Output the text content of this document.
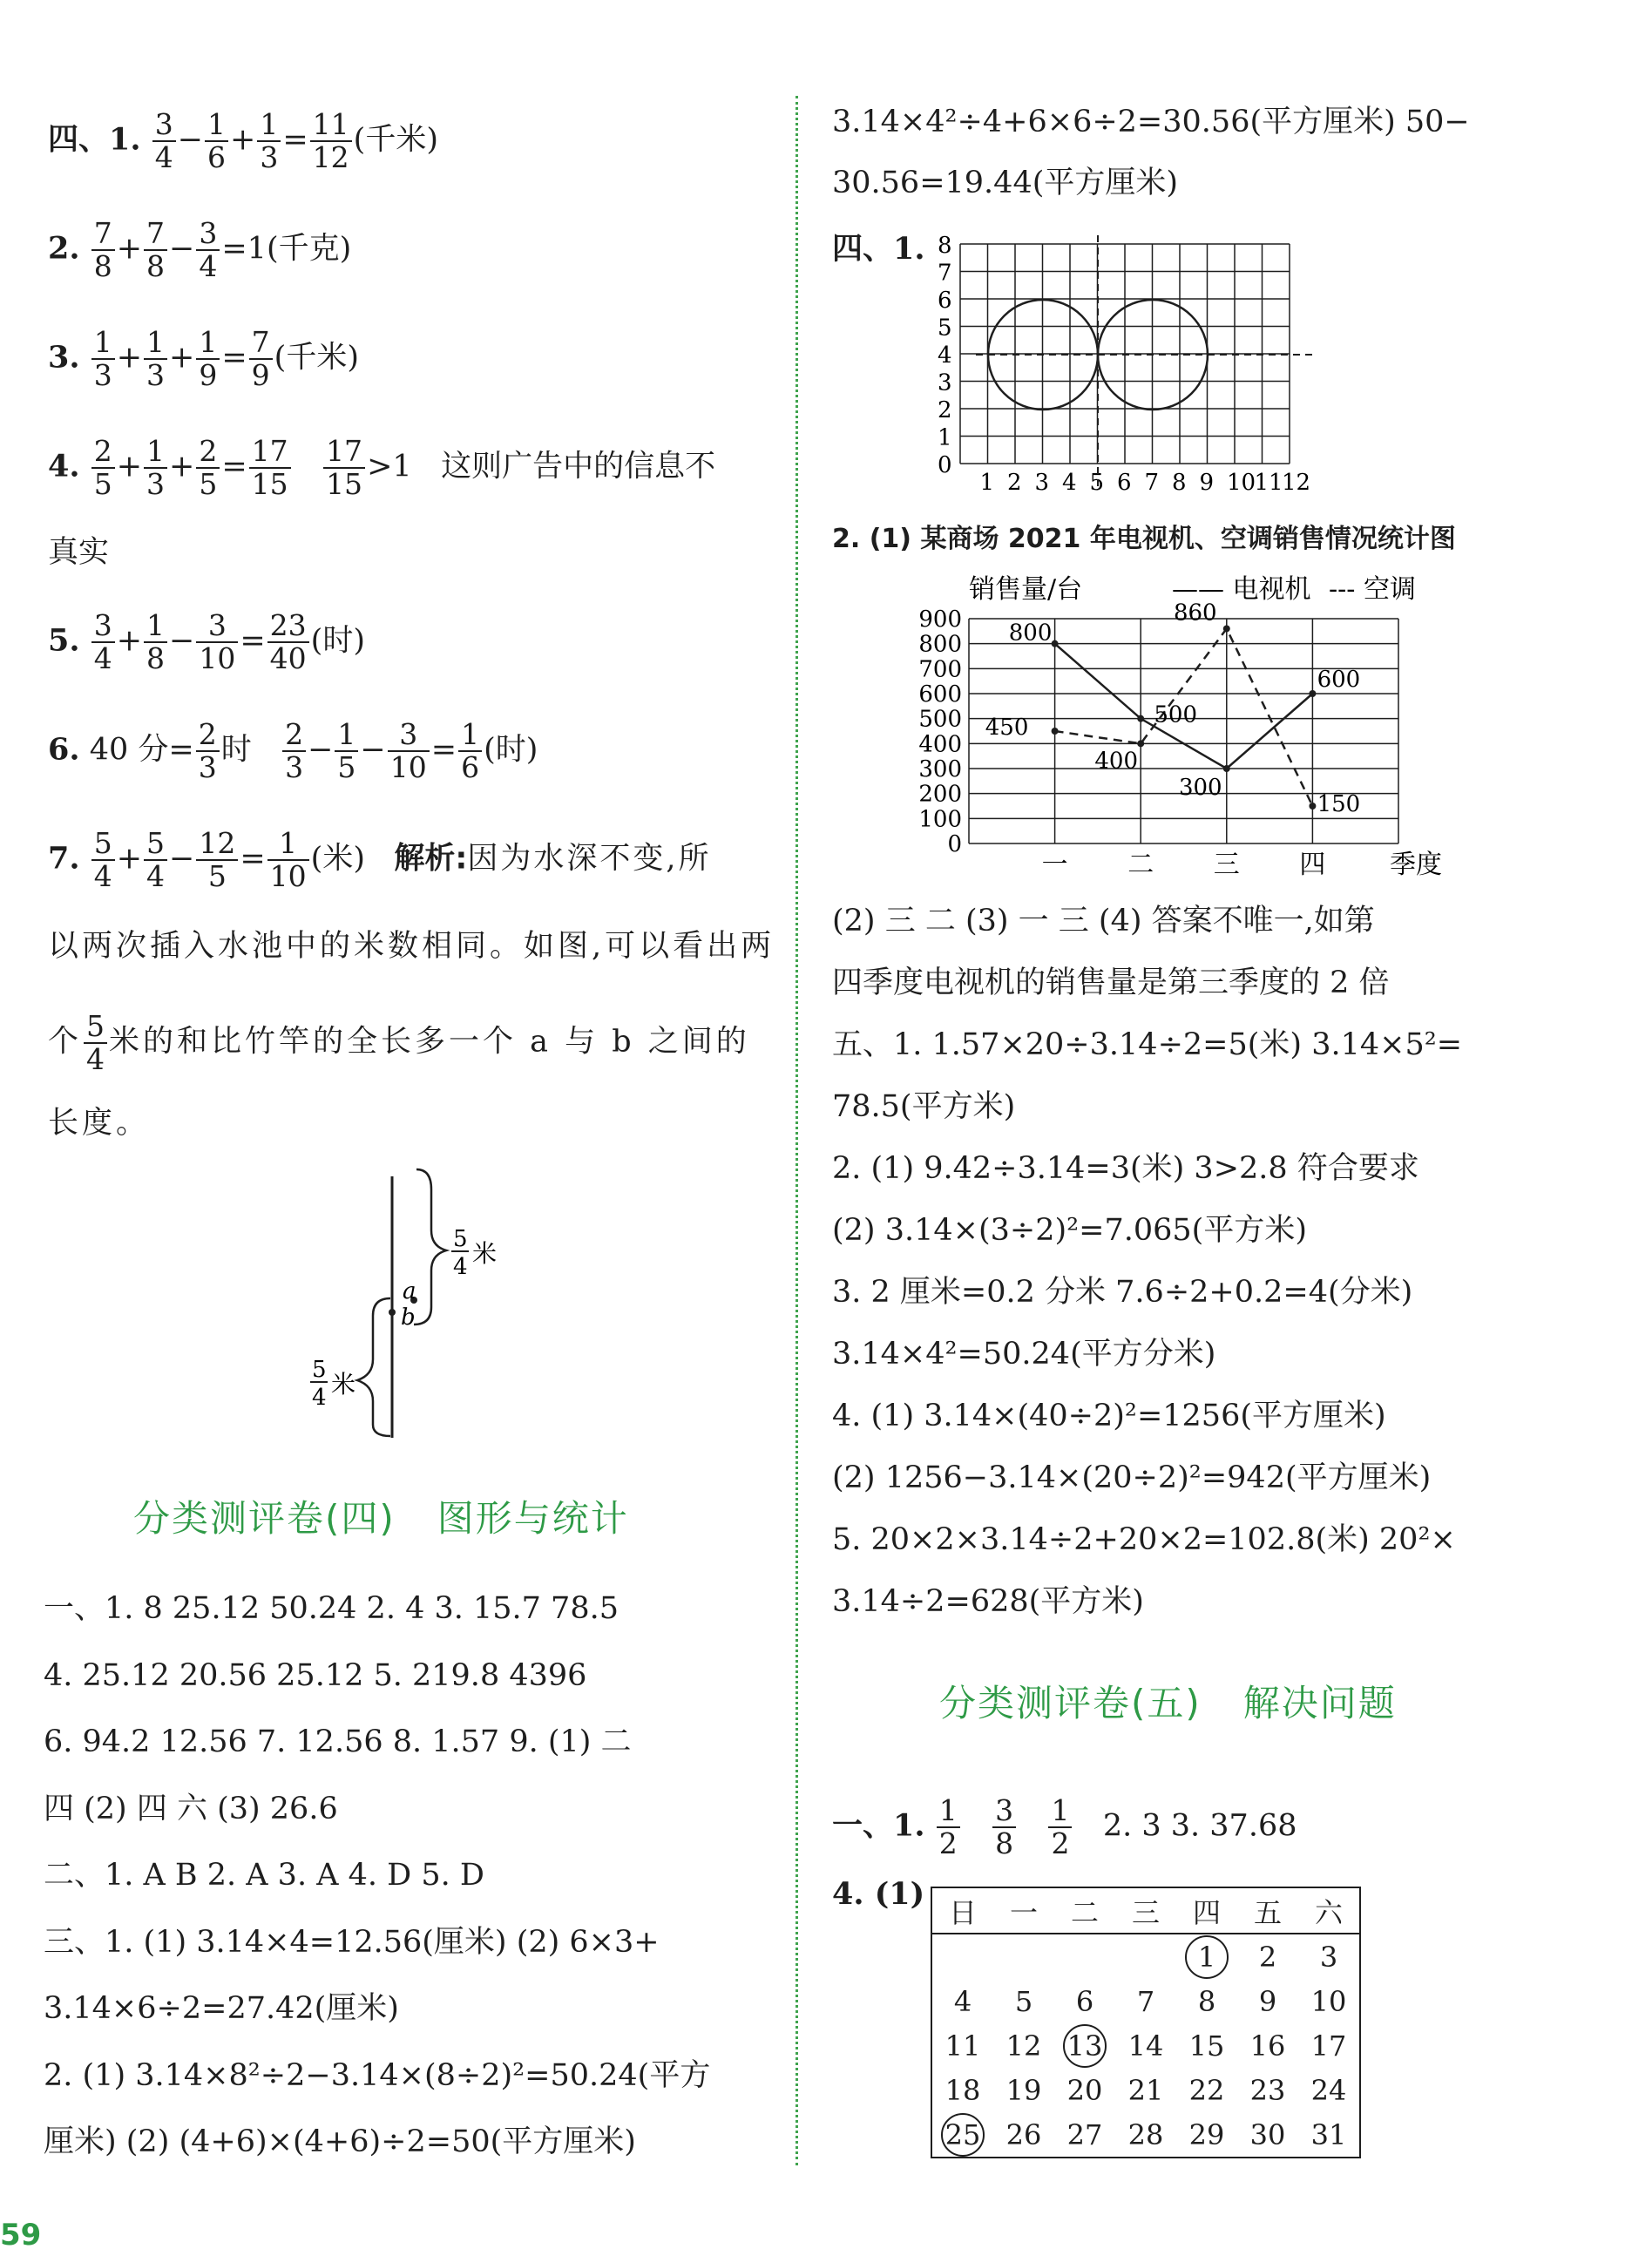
四、1. $\frac{3}{4} - \frac{1}{6} + \frac{1}{3} = \frac{11}{12}$ (千米)
2. $\frac{7}{8} + \frac{7}{8} - \frac{3}{4} =1$(千克)
3. $\frac{1}{3} + \frac{1}{3} + \frac{1}{9} = \frac{7}{9}$ (千米)
4. $\frac{2}{5} + \frac{1}{3} + \frac{2}{5} = \frac{17}{15}$
$\frac{17}{15} >1$ 这则广告中的信息不
真实
5. $\frac{3}{4} + \frac{1}{8} - \frac{3}{10} = \frac{23}{40}$ (时)
6. 40 分= $\frac{2}{3}$ 时 $\frac{2}{3} - \frac{1}{5} - \frac{3}{10} = \frac{1}{6}$ (时)
7. $\frac{5}{4} + \frac{5}{4} - \frac{12}{5} = \frac{1}{10}$ (米) 解析:因为水深不变,所
以两次插入水池中的米数相同。如图,可以看出两
个 $\frac{5}{4}$ 米的和比竹竿的全长多一个 a 与 b 之间的
长度。
a
b
5
4 米
5
4 米
分类测评卷(四) 图形与统计
一、1. 8 25.12 50.24 2. 4 3. 15.7 78.5
4. 25.12 20.56 25.12 5. 219.8 4396
6. 94.2 12.56 7. 12.56 8. 1.57 9. (1) 二
四 (2) 四 六 (3) 26.6
二、1. A B 2. A 3. A 4. D 5. D
三、1. (1) 3.14×4=12.56(厘米) (2) 6×3+
3.14×6÷2=27.42(厘米)
2. (1) 3.14×8²÷2−3.14×(8÷2)²=50.24(平方
厘米) (2) (4+6)×(4+6)÷2=50(平方厘米)
3.14×4²÷4+6×6÷2=30.56(平方厘米) 50−
30.56=19.44(平方厘米)
四、1.
0
1
2
3
4
5
6
7
8
1 2 3 4 5 6 7 8 9 10
11
12
2. (1) 某商场 2021 年电视机、空调销售情况统计图
销售量/台	—— 电视机 --- 空调
0
100
200
300
400
500
600
700
800
900
一 二 三 四
800
500
300
600
450
400
860
150
季度
(2) 三 二 (3) 一 三 (4) 答案不唯一,如第
四季度电视机的销售量是第三季度的 2 倍
五、1. 1.57×20÷3.14÷2=5(米) 3.14×5²=
78.5(平方米)
2. (1) 9.42÷3.14=3(米) 3>2.8 符合要求
(2) 3.14×(3÷2)²=7.065(平方米)
3. 2 厘米=0.2 分米 7.6÷2+0.2=4(分米)
3.14×4²=50.24(平方分米)
4. (1) 3.14×(40÷2)²=1256(平方厘米)
(2) 1256−3.14×(20÷2)²=942(平方厘米)
5. 20×2×3.14÷2+20×2=102.8(米) 20²×
3.14÷2=628(平方米)
分类测评卷(五) 解决问题
一、1. $\frac{1}{2}$
$\frac{3}{8}$
$\frac{1}{2} 2$. 3 3. 37.68
4. (1)
日	一	二	三	四	五	六
				1	2	3
4	5	6	7	8	9	10
11	12	13	14	15	16	17
18	19	20	21	22	23	24
25	26	27	28	29	30	31
59
